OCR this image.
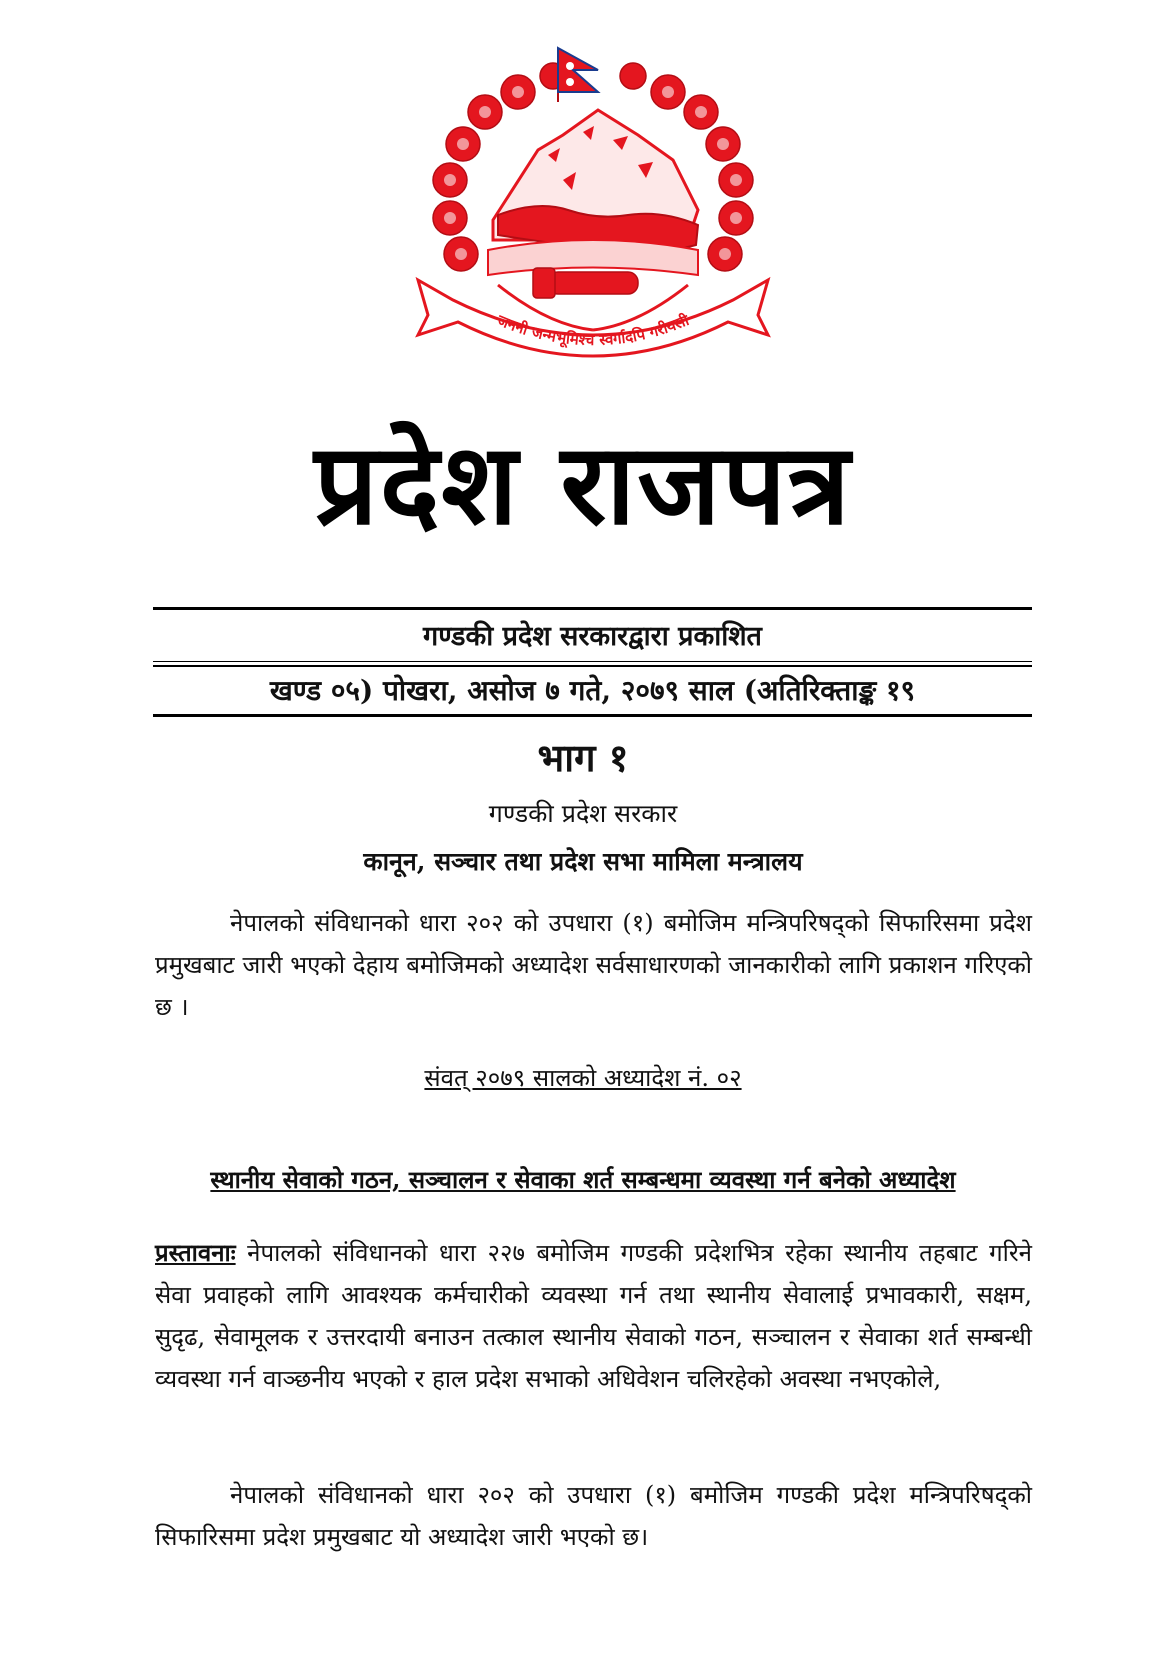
जननी जन्मभूमिश्च स्वर्गादपि गरीयसी
प्रदेश राजपत्र
गण्डकी प्रदेश सरकारद्वारा प्रकाशित
खण्ड ०५) पोखरा, असोज ७ गते, २०७९ साल (अतिरिक्ताङ्क १९
भाग १
गण्डकी प्रदेश सरकार
कानून, सञ्चार तथा प्रदेश सभा मामिला मन्त्रालय

नेपालको संविधानको धारा २०२ को उपधारा (१) बमोजिम मन्त्रिपरिषद्को सिफारिसमा प्रदेश प्रमुखबाट जारी भएको देहाय बमोजिमको अध्यादेश सर्वसाधारणको जानकारीको लागि प्रकाशन गरिएको छ ।

संवत् २०७९ सालको अध्यादेश नं. ०२
स्थानीय सेवाको गठन, सञ्चालन र सेवाका शर्त सम्बन्धमा व्यवस्था गर्न बनेको अध्यादेश

प्रस्तावनाः नेपालको संविधानको धारा २२७ बमोजिम गण्डकी प्रदेशभित्र रहेका स्थानीय तहबाट गरिने सेवा प्रवाहको लागि आवश्यक कर्मचारीको व्यवस्था गर्न तथा स्थानीय सेवालाई प्रभावकारी, सक्षम, सुदृढ, सेवामूलक र उत्तरदायी बनाउन तत्काल स्थानीय सेवाको गठन, सञ्चालन र सेवाका शर्त सम्बन्धी व्यवस्था गर्न वाञ्छनीय भएको र हाल प्रदेश सभाको अधिवेशन चलिरहेको अवस्था नभएकोले,

नेपालको संविधानको धारा २०२ को उपधारा (१) बमोजिम गण्डकी प्रदेश मन्त्रिपरिषद्को सिफारिसमा प्रदेश प्रमुखबाट यो अध्यादेश जारी भएको छ।
